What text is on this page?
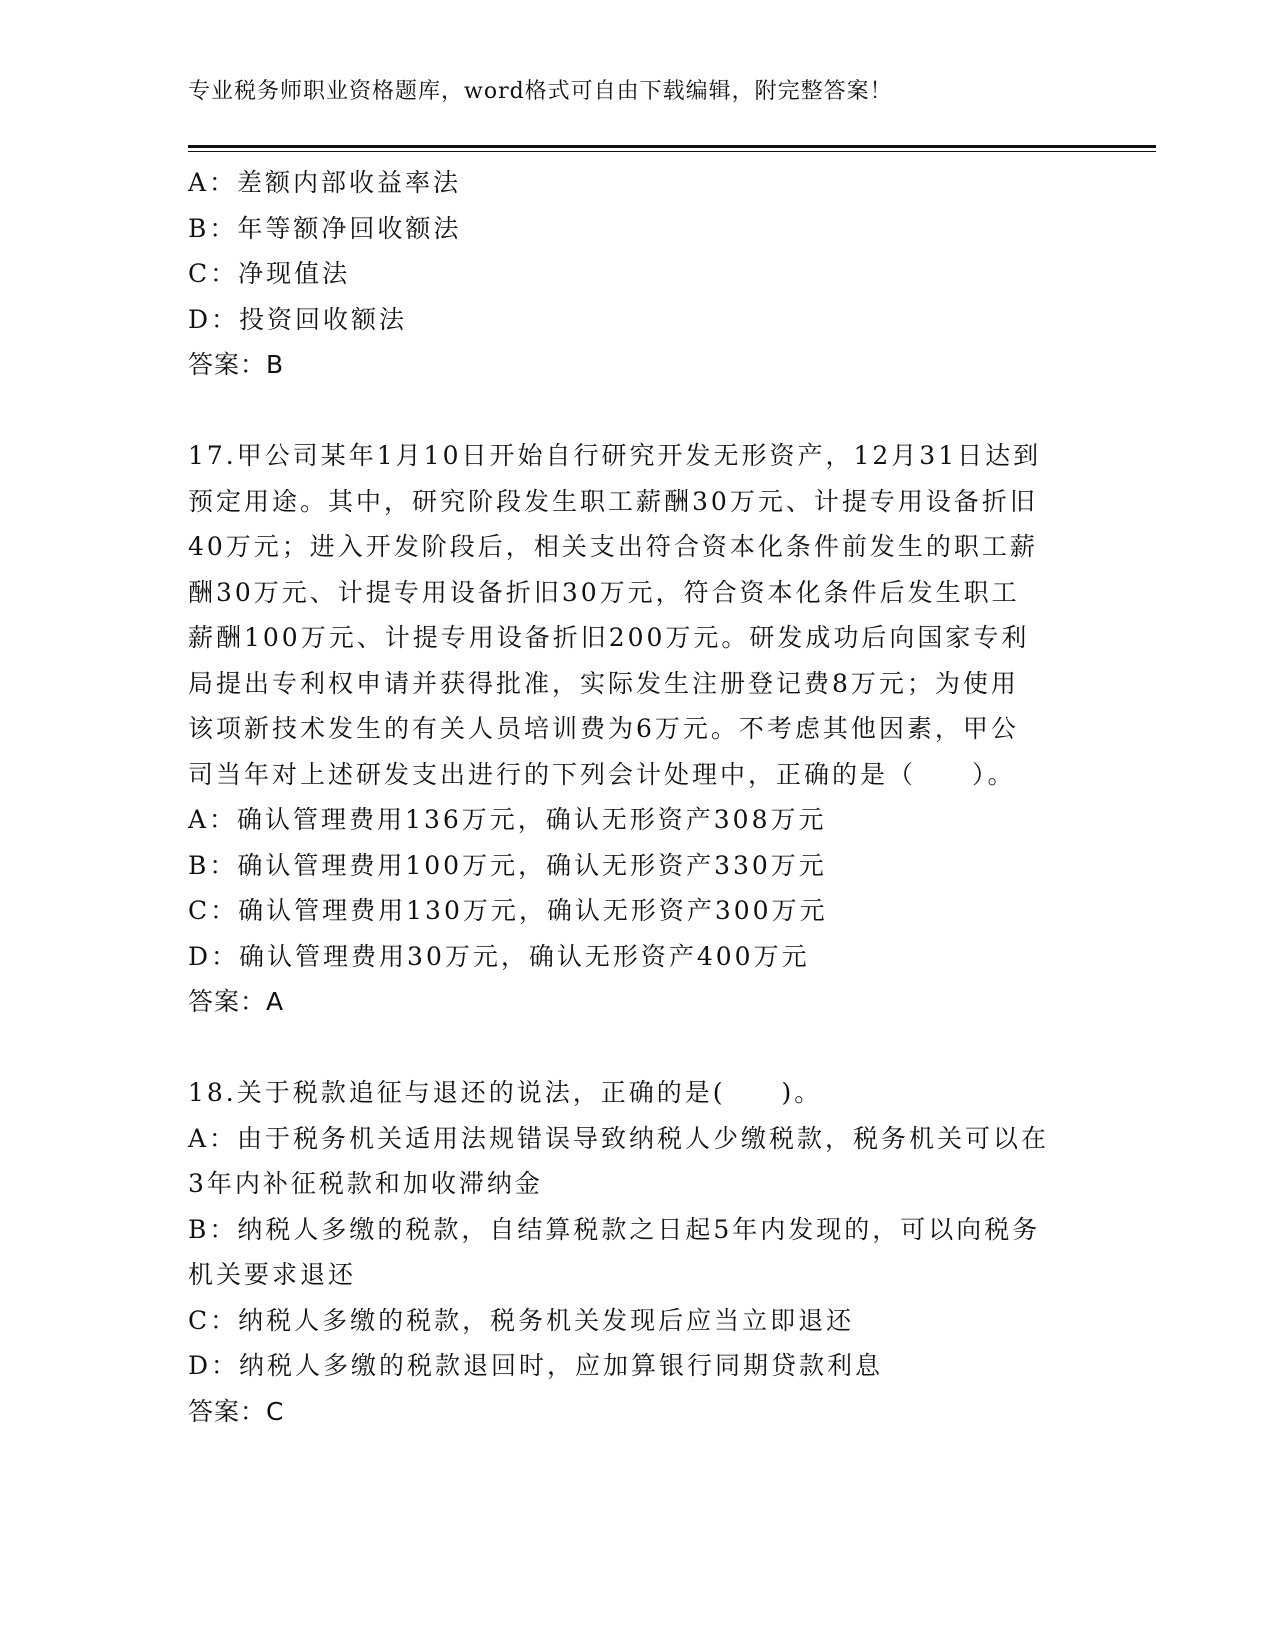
专业税务师职业资格题库，word格式可自由下载编辑，附完整答案！
A：差额内部收益率法
B：年等额净回收额法
C：净现值法
D：投资回收额法
答案：B
17.甲公司某年1月10日开始自行研究开发无形资产，12月31日达到
预定用途。其中，研究阶段发生职工薪酬30万元、计提专用设备折旧
40万元；进入开发阶段后，相关支出符合资本化条件前发生的职工薪
酬30万元、计提专用设备折旧30万元，符合资本化条件后发生职工
薪酬100万元、计提专用设备折旧200万元。研发成功后向国家专利
局提出专利权申请并获得批准，实际发生注册登记费8万元；为使用
该项新技术发生的有关人员培训费为6万元。不考虑其他因素，甲公
司当年对上述研发支出进行的下列会计处理中，正确的是（　　）。
A：确认管理费用136万元，确认无形资产308万元
B：确认管理费用100万元，确认无形资产330万元
C：确认管理费用130万元，确认无形资产300万元
D：确认管理费用30万元，确认无形资产400万元
答案：A
18.关于税款追征与退还的说法，正确的是(　　)。
A：由于税务机关适用法规错误导致纳税人少缴税款，税务机关可以在
3年内补征税款和加收滞纳金
B：纳税人多缴的税款，自结算税款之日起5年内发现的，可以向税务
机关要求退还
C：纳税人多缴的税款，税务机关发现后应当立即退还
D：纳税人多缴的税款退回时，应加算银行同期贷款利息
答案：C
